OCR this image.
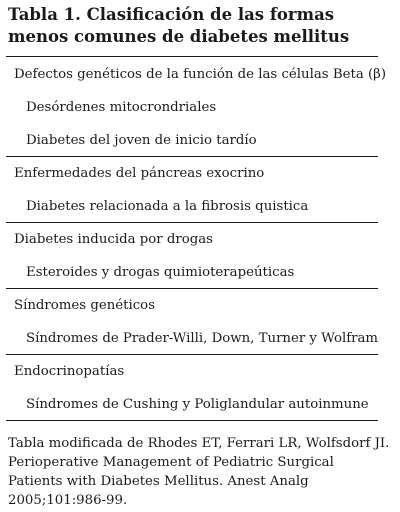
Tabla 1. Clasificación de las formas menos comunes de diabetes mellitus
Defectos genéticos de la función de las células Beta (β)
Desórdenes mitocrondriales
Diabetes del joven de inicio tardío
Enfermedades del páncreas exocrino
Diabetes relacionada a la fibrosis quistica
Diabetes inducida por drogas
Esteroides y drogas quimioterapeúticas
Síndromes genéticos
Síndromes de Prader-Willi, Down, Turner y Wolfram
Endocrinopatías
Síndromes de Cushing y Poliglandular autoinmune

Tabla modificada de Rhodes ET, Ferrari LR, Wolfsdorf JI. Perioperative Management of Pediatric Surgical Patients with Diabetes Mellitus. Anest Analg 2005;101:986-99.
